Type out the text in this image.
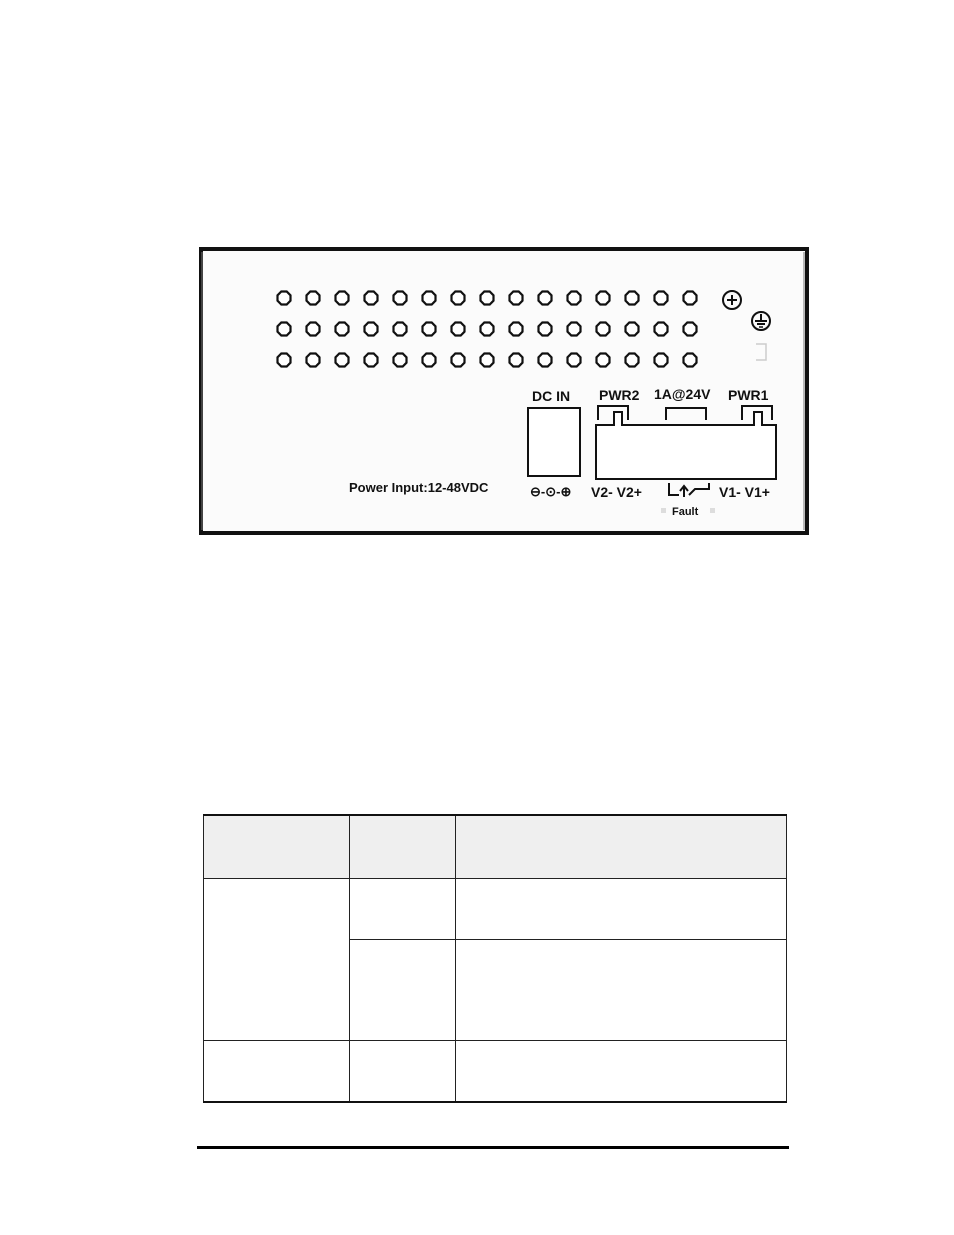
DC IN
⊖-⊙-⊕
Power Input:12-48VDC
PWR2 1A@24V PWR1
V2- V2+	V1- V1+
Fault
